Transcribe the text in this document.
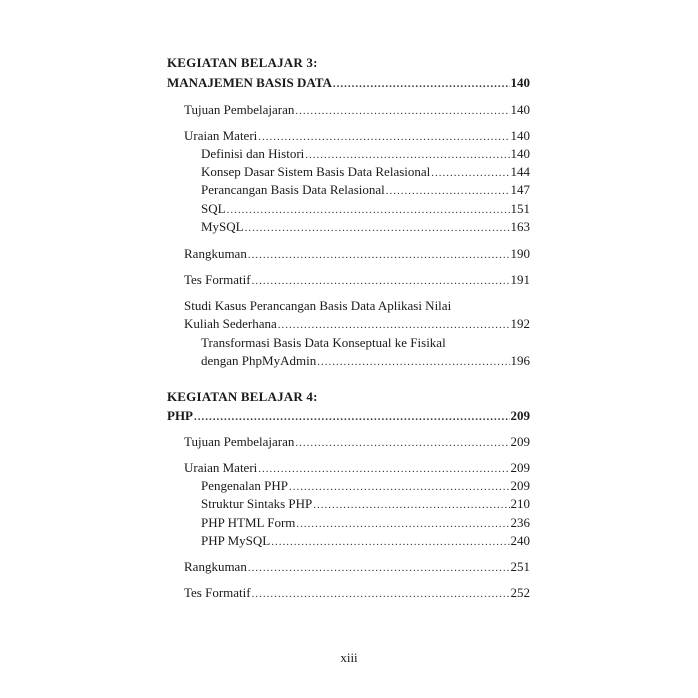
KEGIATAN BELAJAR 3:
MANAJEMEN BASIS DATA .....	140
Tujuan Pembelajaran .....	140
Uraian Materi .....	140
Definisi dan Histori .....	140
Konsep Dasar Sistem Basis Data Relasional .....	144
Perancangan Basis Data Relasional .....	147
SQL .....	151
MySQL .....	163
Rangkuman .....	190
Tes Formatif .....	191
Studi Kasus Perancangan Basis Data Aplikasi Nilai
Kuliah Sederhana .....	192
Transformasi Basis Data Konseptual ke Fisikal
dengan PhpMyAdmin .....	196
KEGIATAN BELAJAR 4:
PHP .....	209
Tujuan Pembelajaran .....	209
Uraian Materi .....	209
Pengenalan PHP .....	209
Struktur Sintaks PHP .....	210
PHP HTML Form .....	236
PHP MySQL .....	240
Rangkuman .....	251
Tes Formatif .....	252
xiii
